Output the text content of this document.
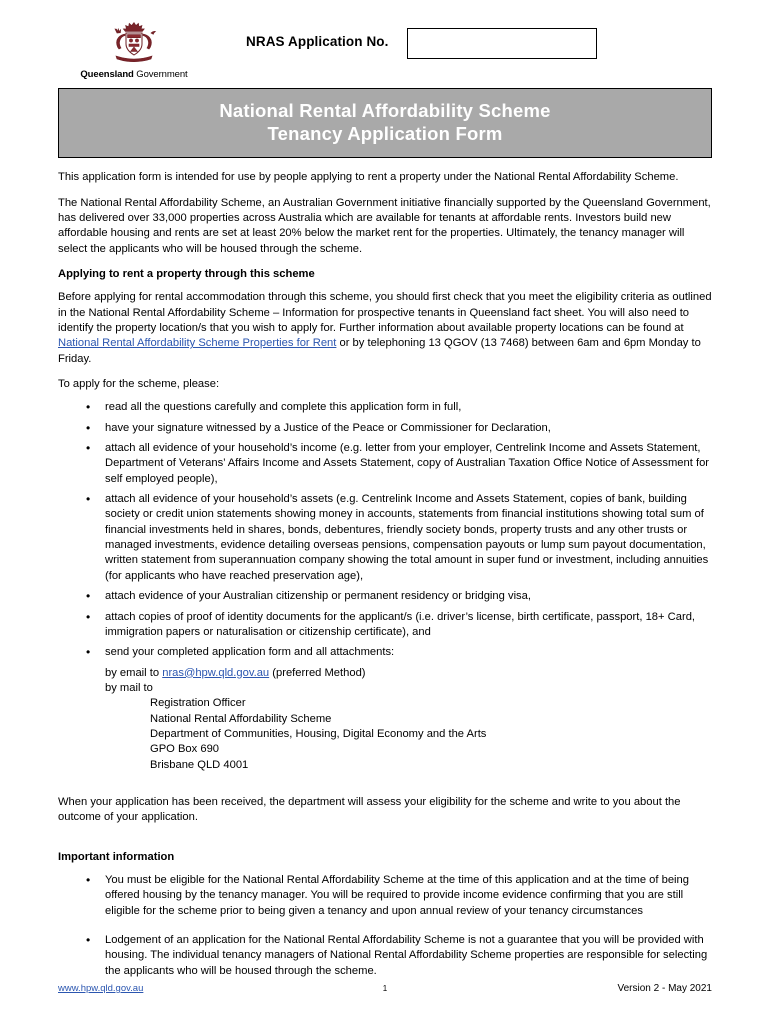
Queensland Government
NRAS Application No.
National Rental Affordability Scheme
Tenancy Application Form

This application form is intended for use by people applying to rent a property under the National Rental Affordability Scheme.

The National Rental Affordability Scheme, an Australian Government initiative financially supported by the Queensland Government, has delivered over 33,000 properties across Australia which are available for tenants at affordable rents. Investors build new affordable housing and rents are set at least 20% below the market rent for the properties. Ultimately, the tenancy manager will select the applicants who will be housed through the scheme.

Applying to rent a property through this scheme

Before applying for rental accommodation through this scheme, you should first check that you meet the eligibility criteria as outlined in the National Rental Affordability Scheme – Information for prospective tenants in Queensland fact sheet. You will also need to identify the property location/s that you wish to apply for. Further information about available property locations can be found at National Rental Affordability Scheme Properties for Rent or by telephoning 13 QGOV (13 7468) between 6am and 6pm Monday to Friday.

To apply for the scheme, please:

• read all the questions carefully and complete this application form in full,
• have your signature witnessed by a Justice of the Peace or Commissioner for Declaration,
• attach all evidence of your household’s income (e.g. letter from your employer, Centrelink Income and Assets Statement, Department of Veterans’ Affairs Income and Assets Statement, copy of Australian Taxation Office Notice of Assessment for self employed people),
• attach all evidence of your household’s assets (e.g. Centrelink Income and Assets Statement, copies of bank, building society or credit union statements showing money in accounts, statements from financial institutions showing total sum of financial investments held in shares, bonds, debentures, friendly society bonds, property trusts and any other trusts or managed investments, evidence detailing overseas pensions, compensation payouts or lump sum payout documentation, written statement from superannuation company showing the total amount in super fund or investment, including annuities (for applicants who have reached preservation age),
• attach evidence of your Australian citizenship or permanent residency or bridging visa,
• attach copies of proof of identity documents for the applicant/s (i.e. driver’s license, birth certificate, passport, 18+ Card, immigration papers or naturalisation or citizenship certificate), and
• send your completed application form and all attachments:
by email to nras@hpw.qld.gov.au (preferred Method)
by mail to
Registration Officer
National Rental Affordability Scheme
Department of Communities, Housing, Digital Economy and the Arts
GPO Box 690
Brisbane QLD 4001

When your application has been received, the department will assess your eligibility for the scheme and write to you about the outcome of your application.

Important information

• You must be eligible for the National Rental Affordability Scheme at the time of this application and at the time of being offered housing by the tenancy manager. You will be required to provide income evidence confirming that you are still eligible for the scheme prior to being given a tenancy and upon annual review of your tenancy circumstances
• Lodgement of an application for the National Rental Affordability Scheme is not a guarantee that you will be provided with housing. The individual tenancy managers of National Rental Affordability Scheme properties are responsible for selecting the applicants who will be housed through the scheme.
www.hpw.qld.gov.au	1	Version 2 - May 2021
